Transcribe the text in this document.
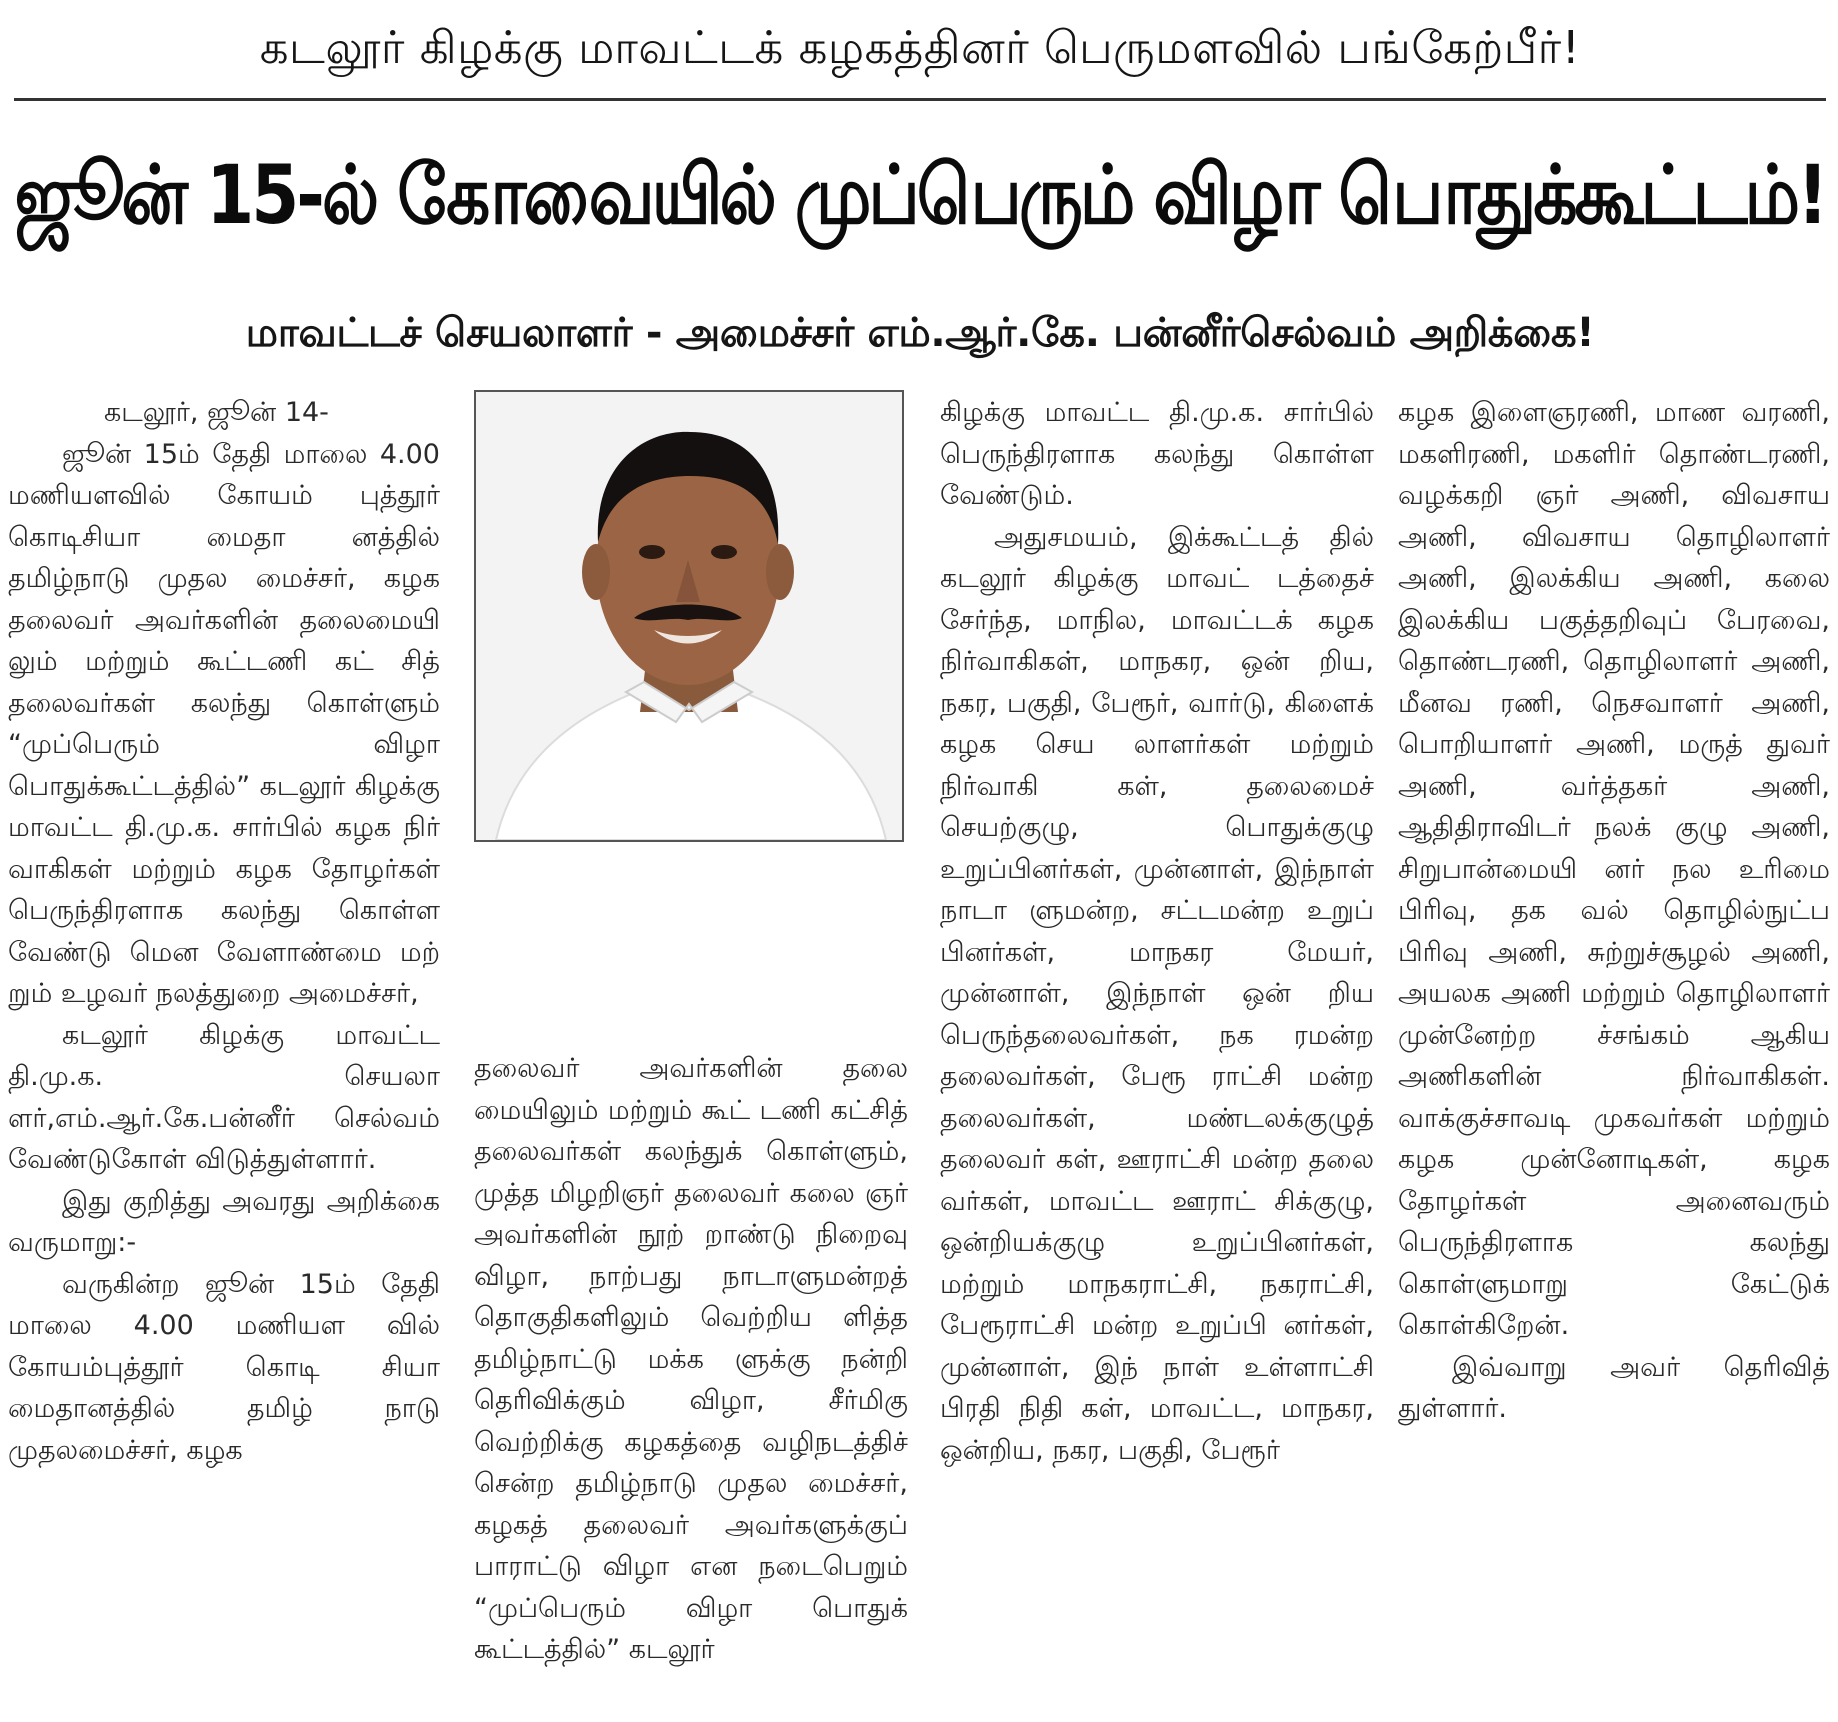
கடலூர் கிழக்கு மாவட்டக் கழகத்தினர் பெருமளவில் பங்கேற்பீர்!
ஜூன் 15-ல் கோவையில் முப்பெரும் விழா பொதுக்கூட்டம்!
மாவட்டச் செயலாளர் - அமைச்சர் எம்.ஆர்.கே. பன்னீர்செல்வம் அறிக்கை!

கடலூர், ஜூன் 14-

ஜூன் 15ம் தேதி மாலை 4.00 மணியளவில் கோயம் புத்தூர் கொடிசியா மைதா னத்தில் தமிழ்நாடு முதல மைச்சர், கழக தலைவர் அவர்களின் தலைமையி லும் மற்றும் கூட்டணி கட் சித் தலைவர்கள் கலந்து கொள்ளும் “முப்பெரும் விழா பொதுக்கூட்டத்தில்” கடலூர் கிழக்கு மாவட்ட தி.மு.க. சார்பில் கழக நிர் வாகிகள் மற்றும் கழக தோழர்கள் பெருந்திரளாக கலந்து கொள்ள வேண்டு மென வேளாண்மை மற் றும் உழவர் நலத்துறை அமைச்சர்,

கடலூர் கிழக்கு மாவட்ட தி.மு.க. செயலா ளர்,எம்.ஆர்.கே.பன்னீர் செல்வம் வேண்டுகோள் விடுத்துள்ளார்.

இது குறித்து அவரது அறிக்கை வருமாறு:-

வருகின்ற ஜூன் 15ம் தேதி மாலை 4.00 மணியள வில் கோயம்புத்தூர் கொடி சியா மைதானத்தில் தமிழ் நாடு முதலமைச்சர், கழக

தலைவர் அவர்களின் தலை மையிலும் மற்றும் கூட் டணி கட்சித் தலைவர்கள் கலந்துக் கொள்ளும், முத்த மிழறிஞர் தலைவர் கலை ஞர் அவர்களின் நூற் றாண்டு நிறைவு விழா, நாற்பது நாடாளுமன்றத் தொகுதிகளிலும் வெற்றிய ளித்த தமிழ்நாட்டு மக்க ளுக்கு நன்றி தெரிவிக்கும் விழா, சீர்மிகு வெற்றிக்கு கழகத்தை வழிநடத்திச் சென்ற தமிழ்நாடு முதல மைச்சர், கழகத் தலைவர் அவர்களுக்குப் பாராட்டு விழா என நடைபெறும் “முப்பெரும் விழா பொதுக் கூட்டத்தில்” கடலூர்

கிழக்கு மாவட்ட தி.மு.க. சார்பில் பெருந்திரளாக கலந்து கொள்ள வேண்டும்.

அதுசமயம், இக்கூட்டத் தில் கடலூர் கிழக்கு மாவட் டத்தைச் சேர்ந்த, மாநில, மாவட்டக் கழக நிர்வாகிகள், மாநகர, ஒன் றிய, நகர, பகுதி, பேரூர், வார்டு, கிளைக் கழக செய லாளர்கள் மற்றும் நிர்வாகி கள், தலைமைச் செயற்குழு, பொதுக்குழு உறுப்பினர்கள், முன்னாள், இந்நாள் நாடா ளுமன்ற, சட்டமன்ற உறுப் பினர்கள், மாநகர மேயர், முன்னாள், இந்நாள் ஒன் றிய பெருந்தலைவர்கள், நக ரமன்ற தலைவர்கள், பேரூ ராட்சி மன்ற தலைவர்கள், மண்டலக்குழுத் தலைவர் கள், ஊராட்சி மன்ற தலை வர்கள், மாவட்ட ஊராட் சிக்குழு, ஒன்றியக்குழு உறுப்பினர்கள், மற்றும் மாநகராட்சி, நகராட்சி, பேரூராட்சி மன்ற உறுப்பி னர்கள், முன்னாள், இந் நாள் உள்ளாட்சி பிரதி நிதி கள், மாவட்ட, மாநகர, ஒன்றிய, நகர, பகுதி, பேரூர்

கழக இளைஞரணி, மாண வரணி, மகளிரணி, மகளிர் தொண்டரணி, வழக்கறி ஞர் அணி, விவசாய அணி, விவசாய தொழிலாளர் அணி, இலக்கிய அணி, கலை இலக்கிய பகுத்தறிவுப் பேரவை, தொண்டரணி, தொழிலாளர் அணி, மீனவ ரணி, நெசவாளர் அணி, பொறியாளர் அணி, மருத் துவர் அணி, வர்த்தகர் அணி, ஆதிதிராவிடர் நலக் குழு அணி, சிறுபான்மையி னர் நல உரிமை பிரிவு, தக வல் தொழில்நுட்ப பிரிவு அணி, சுற்றுச்சூழல் அணி, அயலக அணி மற்றும் தொழிலாளர் முன்னேற்ற ச்சங்கம் ஆகிய அணிகளின் நிர்வாகிகள். வாக்குச்சாவடி முகவர்கள் மற்றும் கழக முன்னோடிகள், கழக தோழர்கள் அனைவரும் பெருந்திரளாக கலந்து கொள்ளுமாறு கேட்டுக் கொள்கிறேன்.

இவ்வாறு அவர் தெரிவித் துள்ளார்.
